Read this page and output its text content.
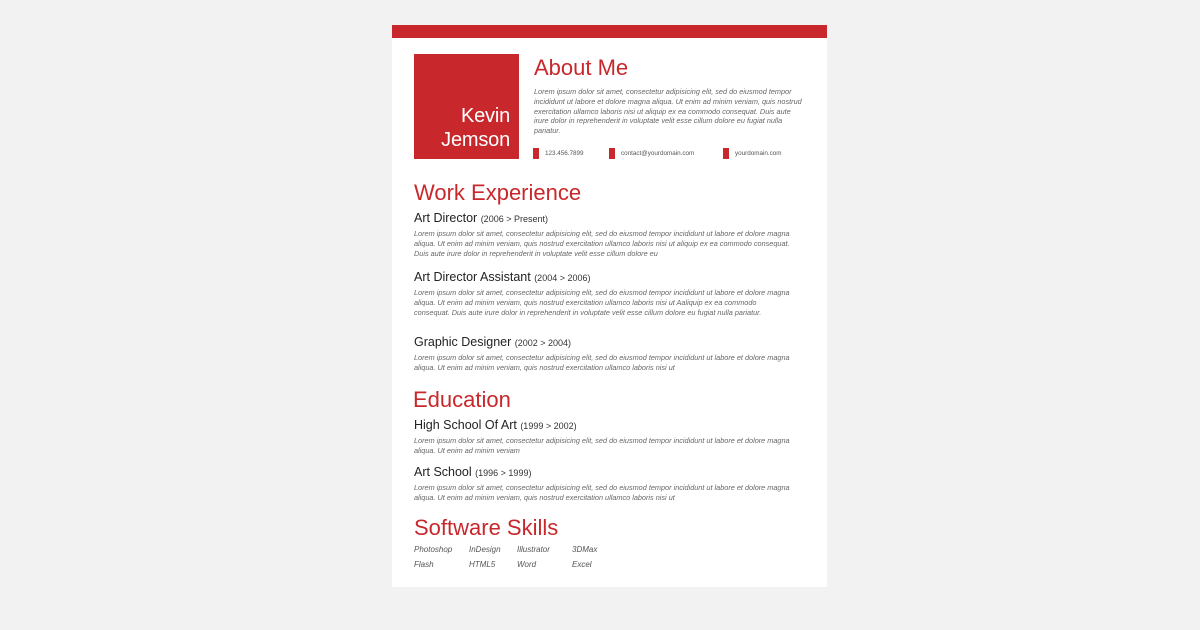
Kevin
Jemson
About Me

Lorem ipsum dolor sit amet, consectetur adipisicing elit, sed do eiusmod tempor incididunt ut labore et dolore magna aliqua. Ut enim ad minim veniam, quis nostrud exercitation ullamco laboris nisi ut aliquip ex ea commodo consequat. Duis aute irure dolor in reprehenderit in voluptate velit esse cillum dolore eu fugiat nulla pariatur.

123.456.7899	contact@yourdomain.com	yourdomain.com
Work Experience
Art Director (2006 > Present)

Lorem ipsum dolor sit amet, consectetur adipisicing elit, sed do eiusmod tempor incididunt ut labore et dolore magna aliqua. Ut enim ad minim veniam, quis nostrud exercitation ullamco laboris nisi ut aliquip ex ea commodo consequat. Duis aute irure dolor in reprehenderit in voluptate velit esse cillum dolore eu

Art Director Assistant (2004 > 2006)

Lorem ipsum dolor sit amet, consectetur adipisicing elit, sed do eiusmod tempor incididunt ut labore et dolore magna aliqua. Ut enim ad minim veniam, quis nostrud exercitation ullamco laboris nisi ut Aaliquip ex ea commodo consequat. Duis aute irure dolor in reprehenderit in voluptate velit esse cillum dolore eu fugiat nulla pariatur.

Graphic Designer (2002 > 2004)

Lorem ipsum dolor sit amet, consectetur adipisicing elit, sed do eiusmod tempor incididunt ut labore et dolore magna aliqua. Ut enim ad minim veniam, quis nostrud exercitation ullamco laboris nisi ut

Education
High School Of Art (1999 > 2002)

Lorem ipsum dolor sit amet, consectetur adipisicing elit, sed do eiusmod tempor incididunt ut labore et dolore magna aliqua. Ut enim ad minim veniam

Art School (1996 > 1999)

Lorem ipsum dolor sit amet, consectetur adipisicing elit, sed do eiusmod tempor incididunt ut labore et dolore magna aliqua. Ut enim ad minim veniam, quis nostrud exercitation ullamco laboris nisi ut

Software Skills
Photoshop	InDesign	Illustrator	3DMax
Flash	HTML5	Word	Excel
